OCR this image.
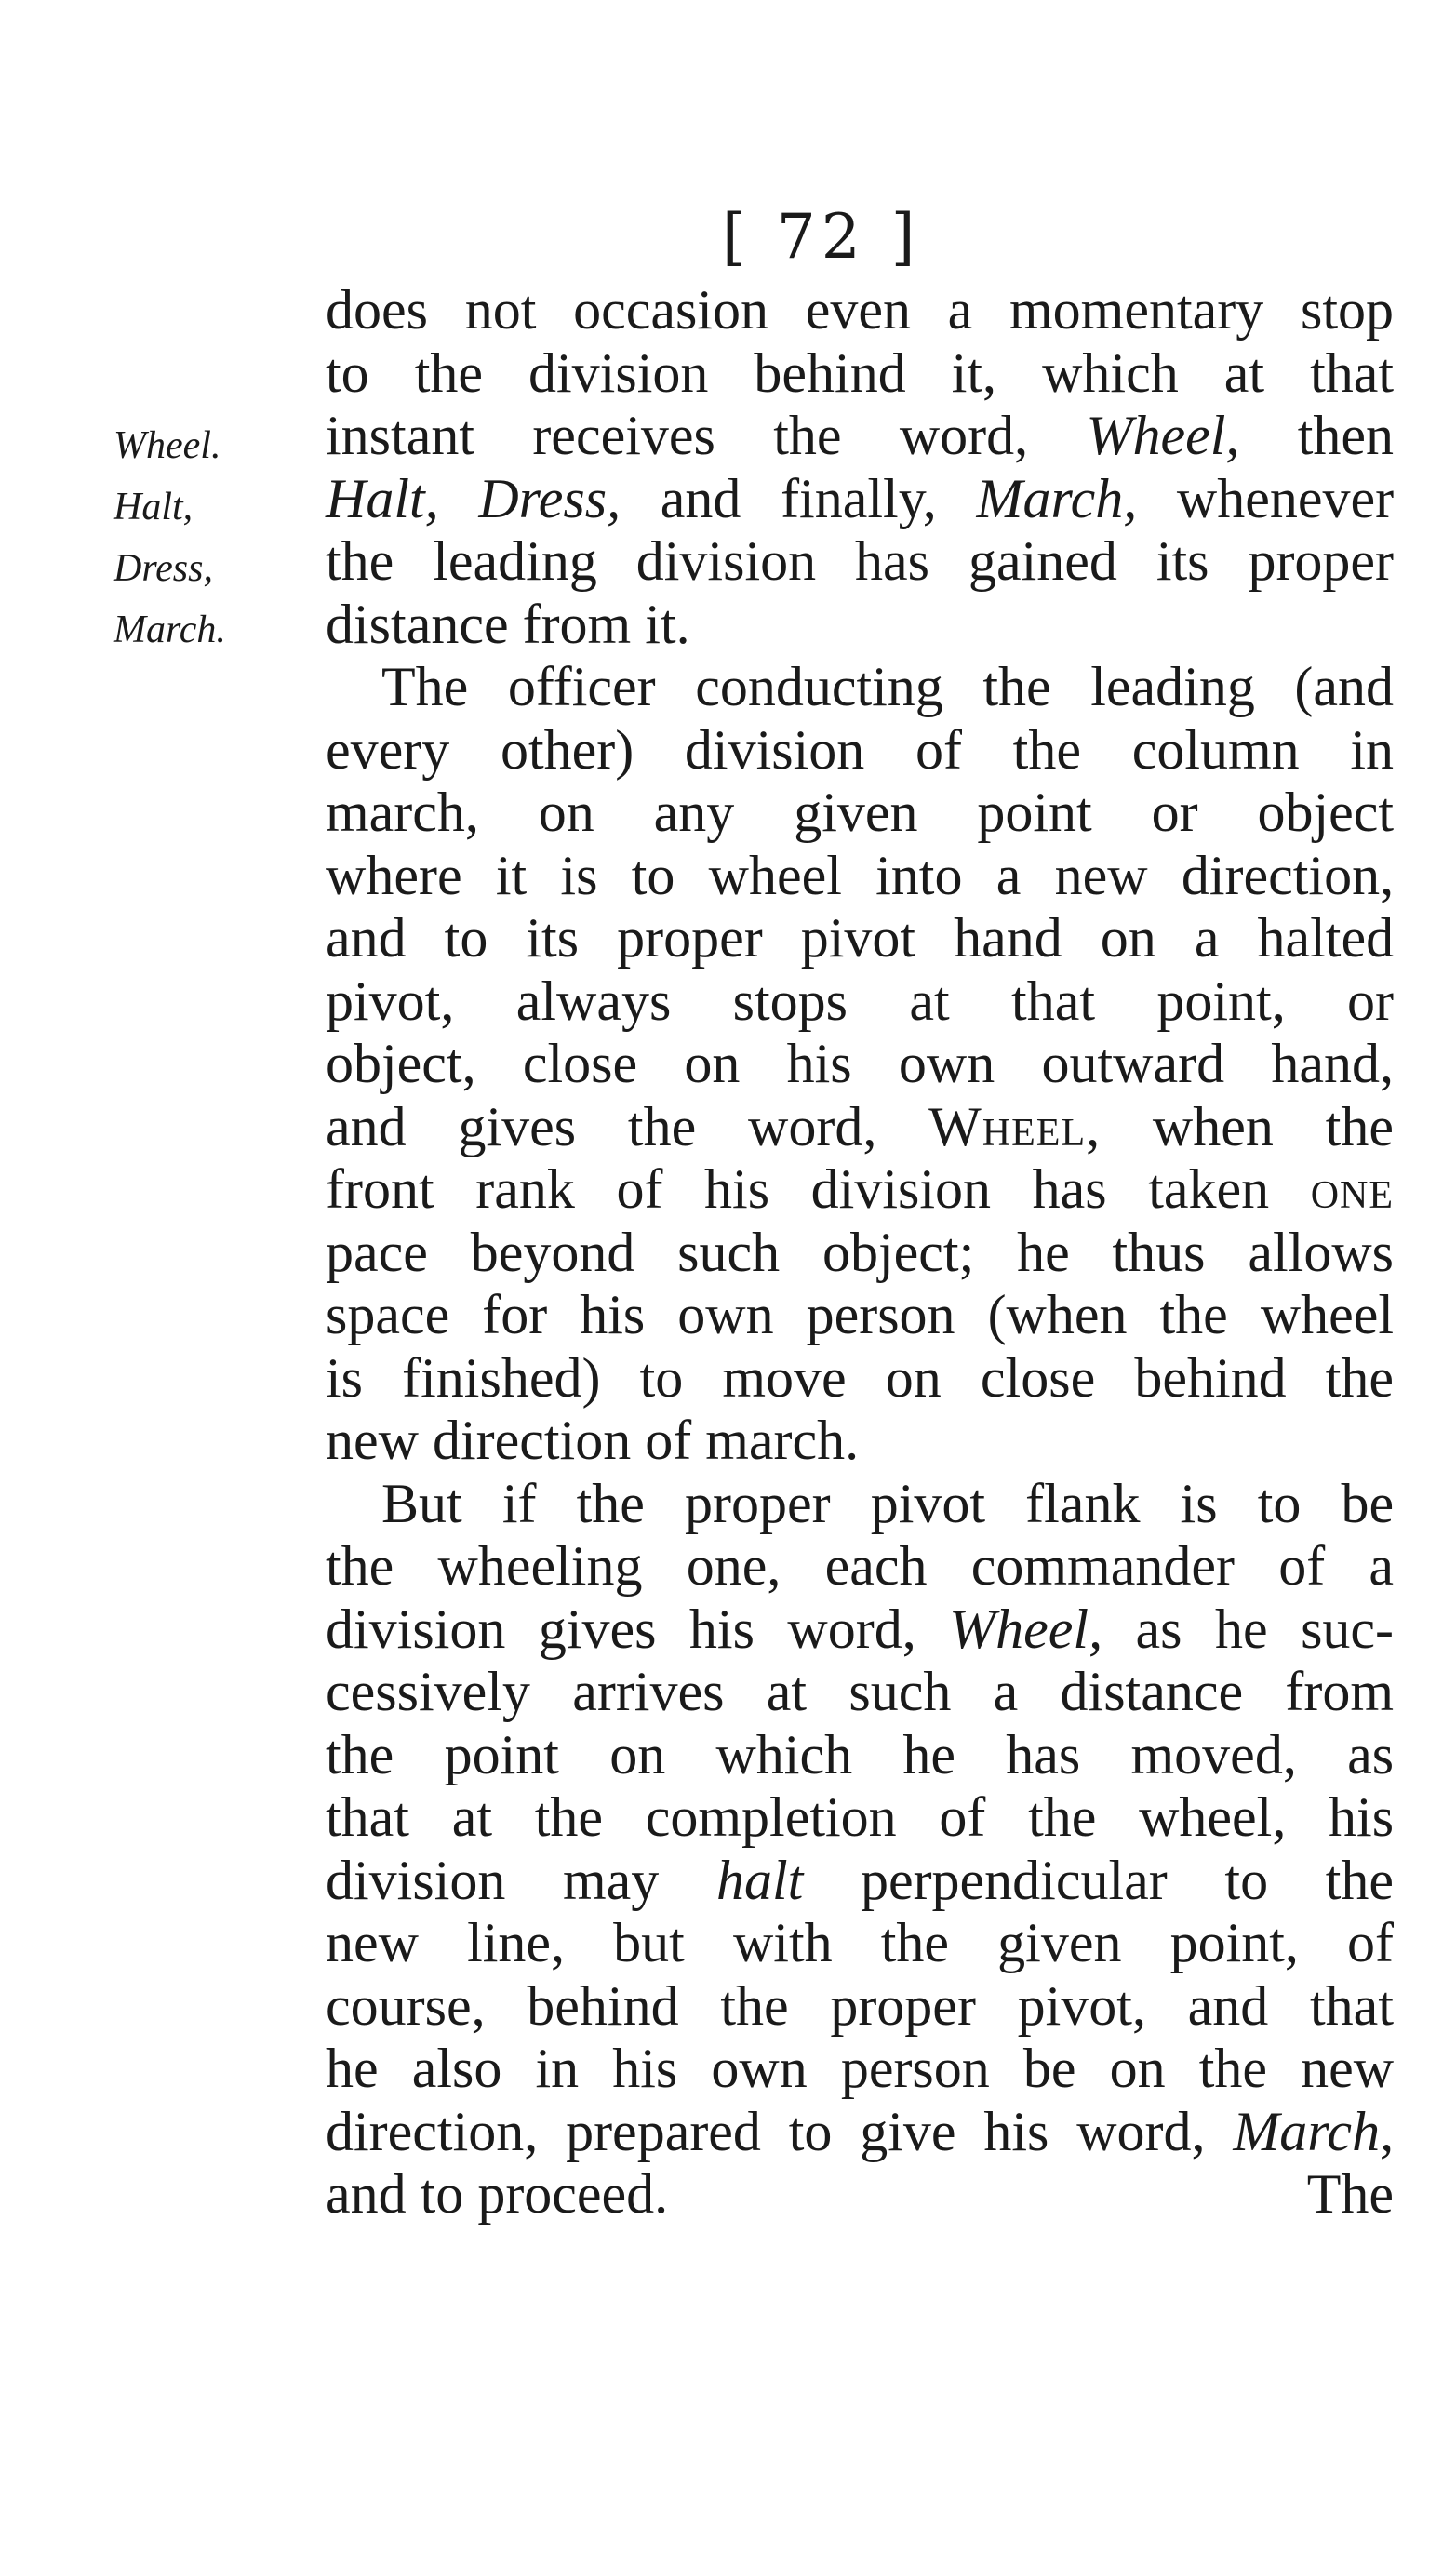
[ 72 ]
Wheel.
Halt,
Dress,
March.
does not occasion even a momentary stop
to the division behind it, which at that
instant receives the word, Wheel, then
Halt, Dress, and finally, March, whenever
the leading division has gained its proper
distance from it.
The officer conducting the leading (and
every other) division of the column in
march, on any given point or object
where it is to wheel into a new direction,
and to its proper pivot hand on a halted
pivot, always stops at that point, or
object, close on his own outward hand,
and gives the word, Wheel, when the
front rank of his division has taken one
pace beyond such object; he thus allows
space for his own person (when the wheel
is finished) to move on close behind the
new direction of march.
But if the proper pivot flank is to be
the wheeling one, each commander of a
division gives his word, Wheel, as he suc-
cessively arrives at such a distance from
the point on which he has moved, as
that at the completion of the wheel, his
division may halt perpendicular to the
new line, but with the given point, of
course, behind the proper pivot, and that
he also in his own person be on the new
direction, prepared to give his word, March,
and to proceed.	The
